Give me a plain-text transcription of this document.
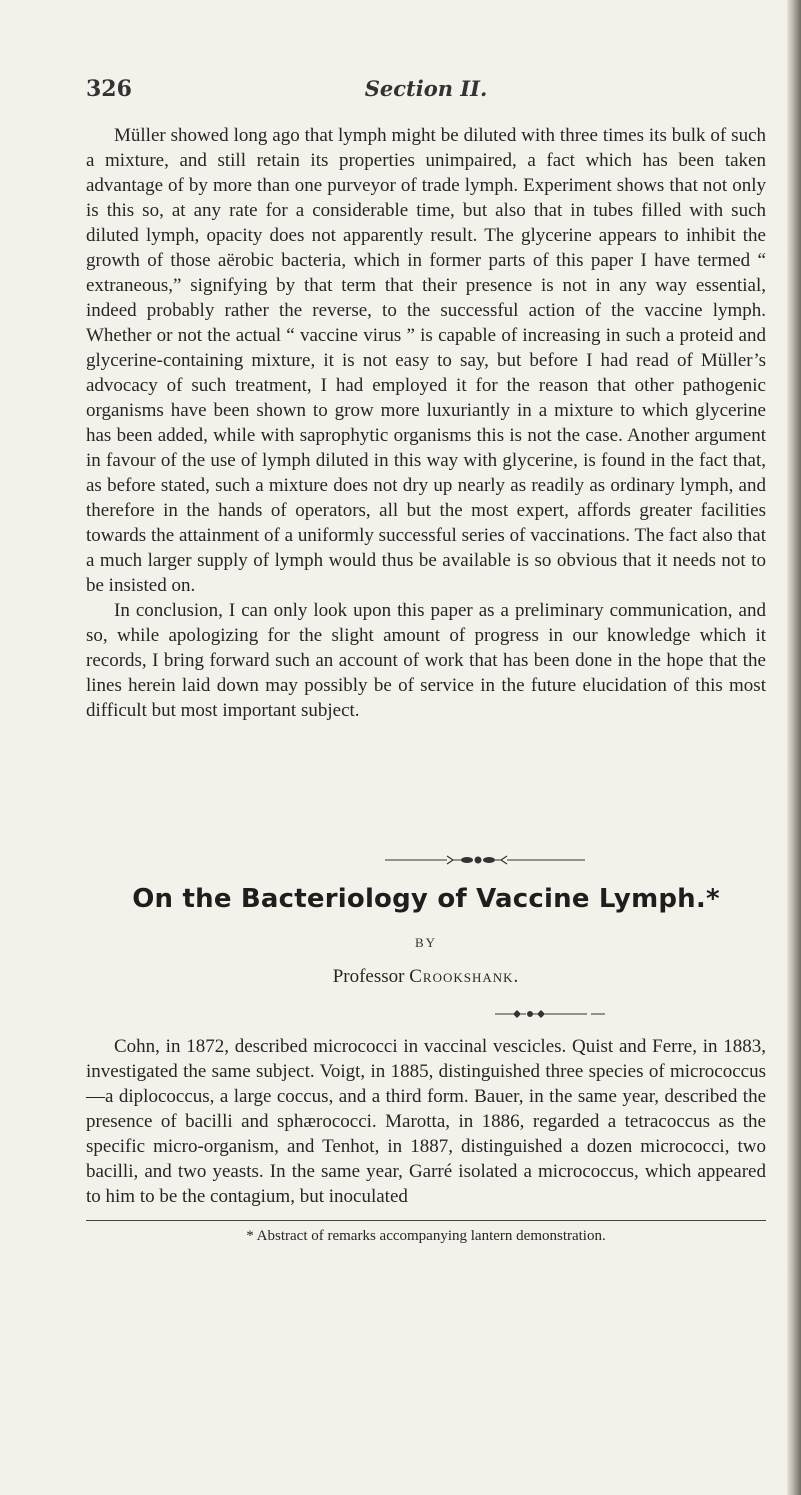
326	Section II.

Müller showed long ago that lymph might be diluted with three times its bulk of such a mixture, and still retain its properties unimpaired, a fact which has been taken advantage of by more than one purveyor of trade lymph. Experiment shows that not only is this so, at any rate for a considerable time, but also that in tubes filled with such diluted lymph, opacity does not apparently result. The glycerine appears to inhibit the growth of those aërobic bacteria, which in former parts of this paper I have termed “ extraneous,” signifying by that term that their presence is not in any way essential, indeed probably rather the reverse, to the successful action of the vaccine lymph. Whether or not the actual “ vaccine virus ” is capable of increasing in such a proteid and glycerine-containing mixture, it is not easy to say, but before I had read of Müller’s advocacy of such treatment, I had employed it for the reason that other pathogenic organisms have been shown to grow more luxuriantly in a mixture to which glycerine has been added, while with saprophytic organisms this is not the case. Another argument in favour of the use of lymph diluted in this way with glycerine, is found in the fact that, as before stated, such a mixture does not dry up nearly as readily as ordinary lymph, and therefore in the hands of operators, all but the most expert, affords greater facilities towards the attainment of a uniformly successful series of vaccinations. The fact also that a much larger supply of lymph would thus be available is so obvious that it needs not to be insisted on.

In conclusion, I can only look upon this paper as a preliminary communication, and so, while apologizing for the slight amount of progress in our knowledge which it records, I bring forward such an account of work that has been done in the hope that the lines herein laid down may possibly be of service in the future elucidation of this most difficult but most important subject.

On the Bacteriology of Vaccine Lymph.*
BY
Professor Crookshank.

Cohn, in 1872, described micrococci in vaccinal vescicles. Quist and Ferre, in 1883, investigated the same subject. Voigt, in 1885, distinguished three species of micrococcus—a diplococcus, a large coccus, and a third form. Bauer, in the same year, described the presence of bacilli and sphærococci. Marotta, in 1886, regarded a tetracoccus as the specific micro-organism, and Tenhot, in 1887, distinguished a dozen micrococci, two bacilli, and two yeasts. In the same year, Garré isolated a micrococcus, which appeared to him to be the contagium, but inoculated

* Abstract of remarks accompanying lantern demonstration.
